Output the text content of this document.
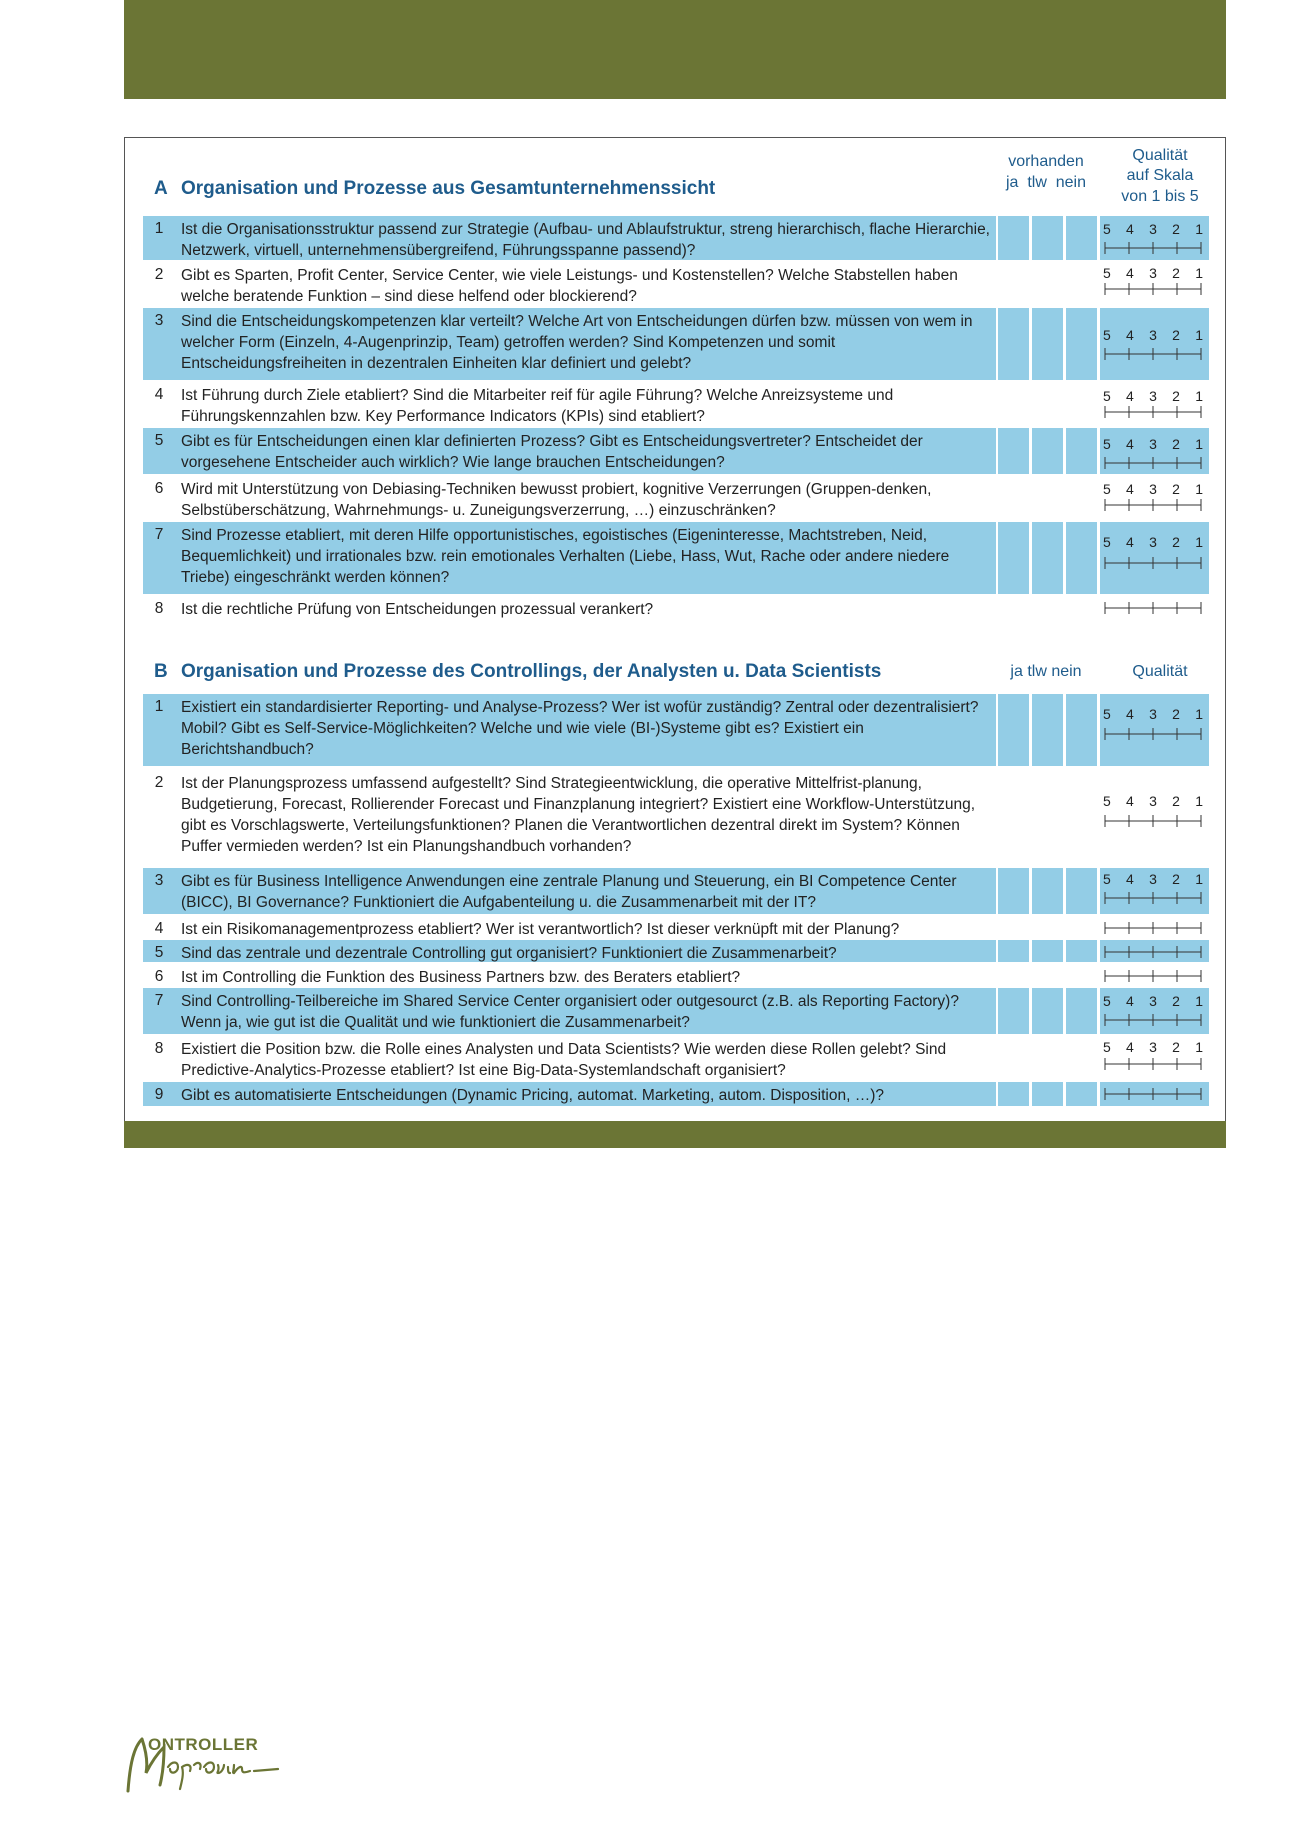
A Organisation und Prozesse aus Gesamtunternehmenssicht
vorhanden
ja  tlw  nein
Qualität
auf Skala
von 1 bis 5
1	Ist die Organisationsstruktur passend zur Strategie (Aufbau- und Ablaufstruktur, streng hierarchisch, flache Hierarchie, Netzwerk, virtuell, unternehmensübergreifend, Führungsspanne passend)?
5 4 3 2 1
2	Gibt es Sparten, Profit Center, Service Center, wie viele Leistungs- und Kostenstellen? Welche Stabstellen haben welche beratende Funktion – sind diese helfend oder blockierend?
5 4 3 2 1
3	Sind die Entscheidungskompetenzen klar verteilt? Welche Art von Entscheidungen dürfen bzw. müssen von wem in welcher Form (Einzeln, 4-Augenprinzip, Team) getroffen werden? Sind Kompetenzen und somit Entscheidungsfreiheiten in dezentralen Einheiten klar definiert und gelebt?
5 4 3 2 1
4	Ist Führung durch Ziele etabliert? Sind die Mitarbeiter reif für agile Führung? Welche Anreizsysteme und Führungskennzahlen bzw. Key Performance Indicators (KPIs) sind etabliert?
5 4 3 2 1
5	Gibt es für Entscheidungen einen klar definierten Prozess? Gibt es Entscheidungsvertreter? Entscheidet der vorgesehene Entscheider auch wirklich? Wie lange brauchen Entscheidungen?
5 4 3 2 1
6	Wird mit Unterstützung von Debiasing-Techniken bewusst probiert, kognitive Verzerrungen (Gruppen-denken, Selbstüberschätzung, Wahrnehmungs- u. Zuneigungsverzerrung, …) einzuschränken?
5 4 3 2 1
7	Sind Prozesse etabliert, mit deren Hilfe opportunistisches, egoistisches (Eigeninteresse, Machtstreben, Neid, Bequemlichkeit) und irrationales bzw. rein emotionales Verhalten (Liebe, Hass, Wut, Rache oder andere niedere Triebe) eingeschränkt werden können?
5 4 3 2 1
8	Ist die rechtliche Prüfung von Entscheidungen prozessual verankert?
B Organisation und Prozesse des Controllings, der Analysten u. Data Scientists	ja tlw nein	Qualität
1	Existiert ein standardisierter Reporting- und Analyse-Prozess? Wer ist wofür zuständig? Zentral oder dezentralisiert? Mobil? Gibt es Self-Service-Möglichkeiten? Welche und wie viele (BI-)Systeme gibt es? Existiert ein Berichtshandbuch?
5 4 3 2 1
2	Ist der Planungsprozess umfassend aufgestellt? Sind Strategieentwicklung, die operative Mittelfrist-planung, Budgetierung, Forecast, Rollierender Forecast und Finanzplanung integriert? Existiert eine Workflow-Unterstützung, gibt es Vorschlagswerte, Verteilungsfunktionen? Planen die Verantwortlichen dezentral direkt im System? Können Puffer vermieden werden? Ist ein Planungshandbuch vorhanden?
5 4 3 2 1
3	Gibt es für Business Intelligence Anwendungen eine zentrale Planung und Steuerung, ein BI Competence Center (BICC), BI Governance? Funktioniert die Aufgabenteilung u. die Zusammenarbeit mit der IT?
5 4 3 2 1
4	Ist ein Risikomanagementprozess etabliert? Wer ist verantwortlich? Ist dieser verknüpft mit der Planung?
5	Sind das zentrale und dezentrale Controlling gut organisiert? Funktioniert die Zusammenarbeit?
6	Ist im Controlling die Funktion des Business Partners bzw. des Beraters etabliert?
7	Sind Controlling-Teilbereiche im Shared Service Center organisiert oder outgesourct (z.B. als Reporting Factory)? Wenn ja, wie gut ist die Qualität und wie funktioniert die Zusammenarbeit?
5 4 3 2 1
8	Existiert die Position bzw. die Rolle eines Analysten und Data Scientists? Wie werden diese Rollen gelebt? Sind Predictive-Analytics-Prozesse etabliert? Ist eine Big-Data-Systemlandschaft organisiert?
5 4 3 2 1
9	Gibt es automatisierte Entscheidungen (Dynamic Pricing, automat. Marketing, autom. Disposition, …)?
ONTROLLER
